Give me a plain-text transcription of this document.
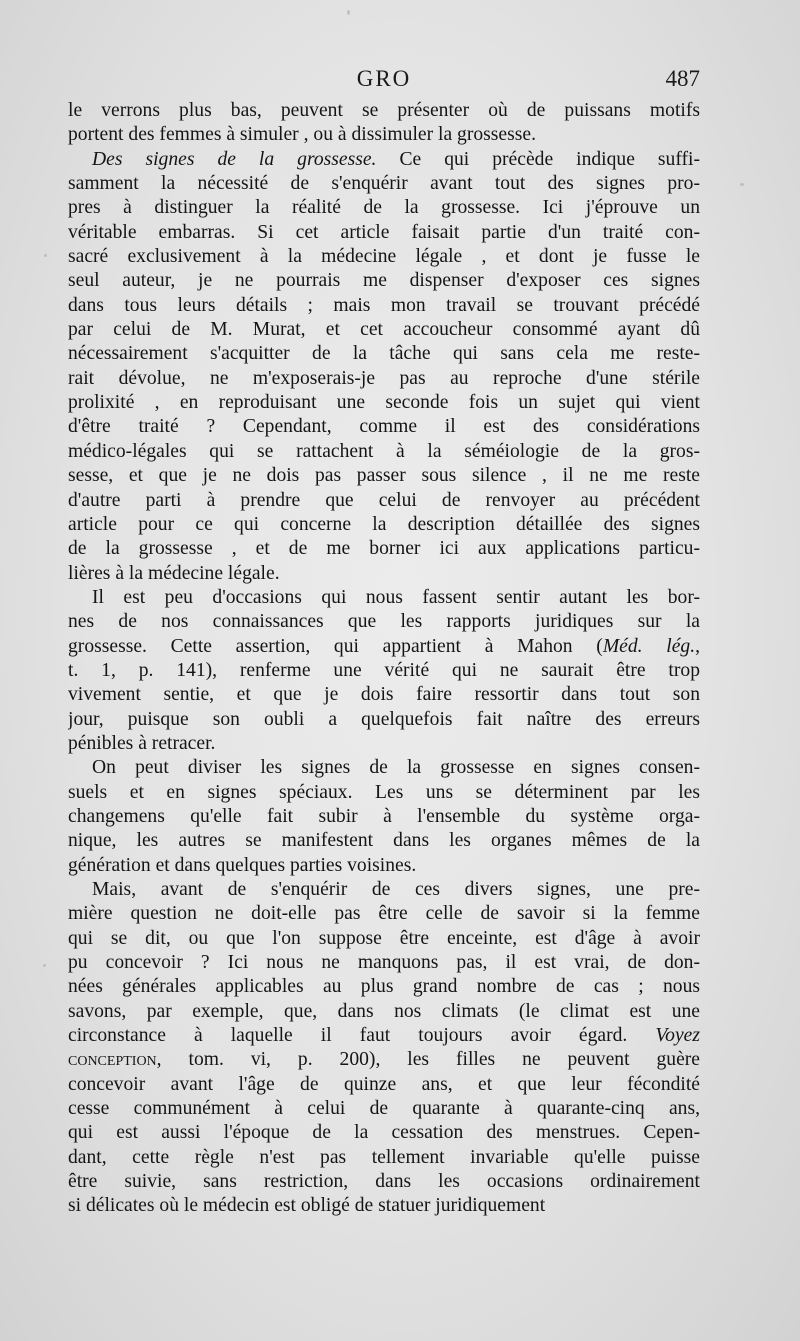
GRO	487
le verrons plus bas, peuvent se présenter où de puissans motifs
portent des femmes à simuler , ou à dissimuler la grossesse.
Des signes de la grossesse. Ce qui précède indique suffi-
samment la nécessité de s'enquérir avant tout des signes pro-
pres à distinguer la réalité de la grossesse. Ici j'éprouve un
véritable embarras. Si cet article faisait partie d'un traité con-
sacré exclusivement à la médecine légale , et dont je fusse le
seul auteur, je ne pourrais me dispenser d'exposer ces signes
dans tous leurs détails ; mais mon travail se trouvant précédé
par celui de M. Murat, et cet accoucheur consommé ayant dû
nécessairement s'acquitter de la tâche qui sans cela me reste-
rait dévolue, ne m'exposerais-je pas au reproche d'une stérile
prolixité , en reproduisant une seconde fois un sujet qui vient
d'être traité ? Cependant, comme il est des considérations
médico-légales qui se rattachent à la séméiologie de la gros-
sesse, et que je ne dois pas passer sous silence , il ne me reste
d'autre parti à prendre que celui de renvoyer au précédent
article pour ce qui concerne la description détaillée des signes
de la grossesse , et de me borner ici aux applications particu-
lières à la médecine légale.
Il est peu d'occasions qui nous fassent sentir autant les bor-
nes de nos connaissances que les rapports juridiques sur la
grossesse. Cette assertion, qui appartient à Mahon (Méd. lég.,
t. 1, p. 141), renferme une vérité qui ne saurait être trop
vivement sentie, et que je dois faire ressortir dans tout son
jour, puisque son oubli a quelquefois fait naître des erreurs
pénibles à retracer.
On peut diviser les signes de la grossesse en signes consen-
suels et en signes spéciaux. Les uns se déterminent par les
changemens qu'elle fait subir à l'ensemble du système orga-
nique, les autres se manifestent dans les organes mêmes de la
génération et dans quelques parties voisines.
Mais, avant de s'enquérir de ces divers signes, une pre-
mière question ne doit-elle pas être celle de savoir si la femme
qui se dit, ou que l'on suppose être enceinte, est d'âge à avoir
pu concevoir ? Ici nous ne manquons pas, il est vrai, de don-
nées générales applicables au plus grand nombre de cas ; nous
savons, par exemple, que, dans nos climats (le climat est une
circonstance à laquelle il faut toujours avoir égard. Voyez
conception, tom. vi, p. 200), les filles ne peuvent guère
concevoir avant l'âge de quinze ans, et que leur fécondité
cesse communément à celui de quarante à quarante-cinq ans,
qui est aussi l'époque de la cessation des menstrues. Cepen-
dant, cette règle n'est pas tellement invariable qu'elle puisse
être suivie, sans restriction, dans les occasions ordinairement
si délicates où le médecin est obligé de statuer juridiquement
